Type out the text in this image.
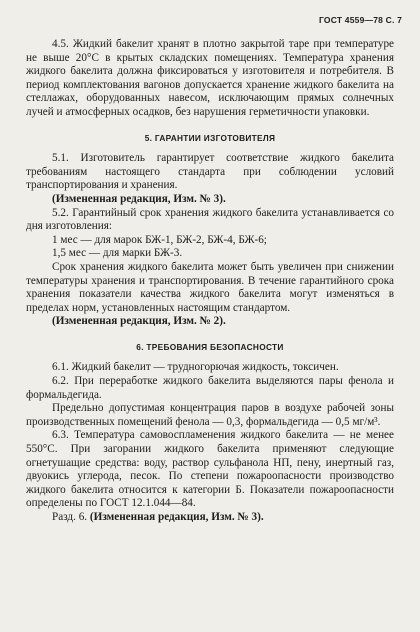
ГОСТ 4559—78 С. 7

4.5. Жидкий бакелит хранят в плотно закрытой таре при температуре не выше 20°С в крытых складских помещениях. Температура хранения жидкого бакелита должна фиксироваться у изготовителя и потребителя. В период комплектования вагонов допускается хранение жидкого бакелита на стеллажах, оборудованных навесом, исключающим прямых солнечных лучей и атмосферных осадков, без нарушения герметичности упаковки.

5. ГАРАНТИИ ИЗГОТОВИТЕЛЯ

5.1. Изготовитель гарантирует соответствие жидкого бакелита требованиям настоящего стандарта при соблюдении условий транспортирования и хранения.

(Измененная редакция, Изм. № 3).

5.2. Гарантийный срок хранения жидкого бакелита устанавливается со дня изготовления:

1 мес — для марок БЖ-1, БЖ-2, БЖ-4, БЖ-6;

1,5 мес — для марки БЖ-3.

Срок хранения жидкого бакелита может быть увеличен при снижении температуры хранения и транспортирования. В течение гарантийного срока хранения показатели качества жидкого бакелита могут изменяться в пределах норм, установленных настоящим стандартом.

(Измененная редакция, Изм. № 2).

6. ТРЕБОВАНИЯ БЕЗОПАСНОСТИ

6.1. Жидкий бакелит — трудногорючая жидкость, токсичен.

6.2. При переработке жидкого бакелита выделяются пары фенола и формальдегида.

Предельно допустимая концентрация паров в воздухе рабочей зоны производственных помещений фенола — 0,3, формальдегида — 0,5 мг/м³.

6.3. Температура самовоспламенения жидкого бакелита — не менее 550°С. При загорании жидкого бакелита применяют следующие огнетушащие средства: воду, раствор сульфанола НП, пену, инертный газ, двуокись углерода, песок. По степени пожароопасности производство жидкого бакелита относится к категории Б. Показатели пожароопасности определены по ГОСТ 12.1.044—84.

Разд. 6. (Измененная редакция, Изм. № 3).
